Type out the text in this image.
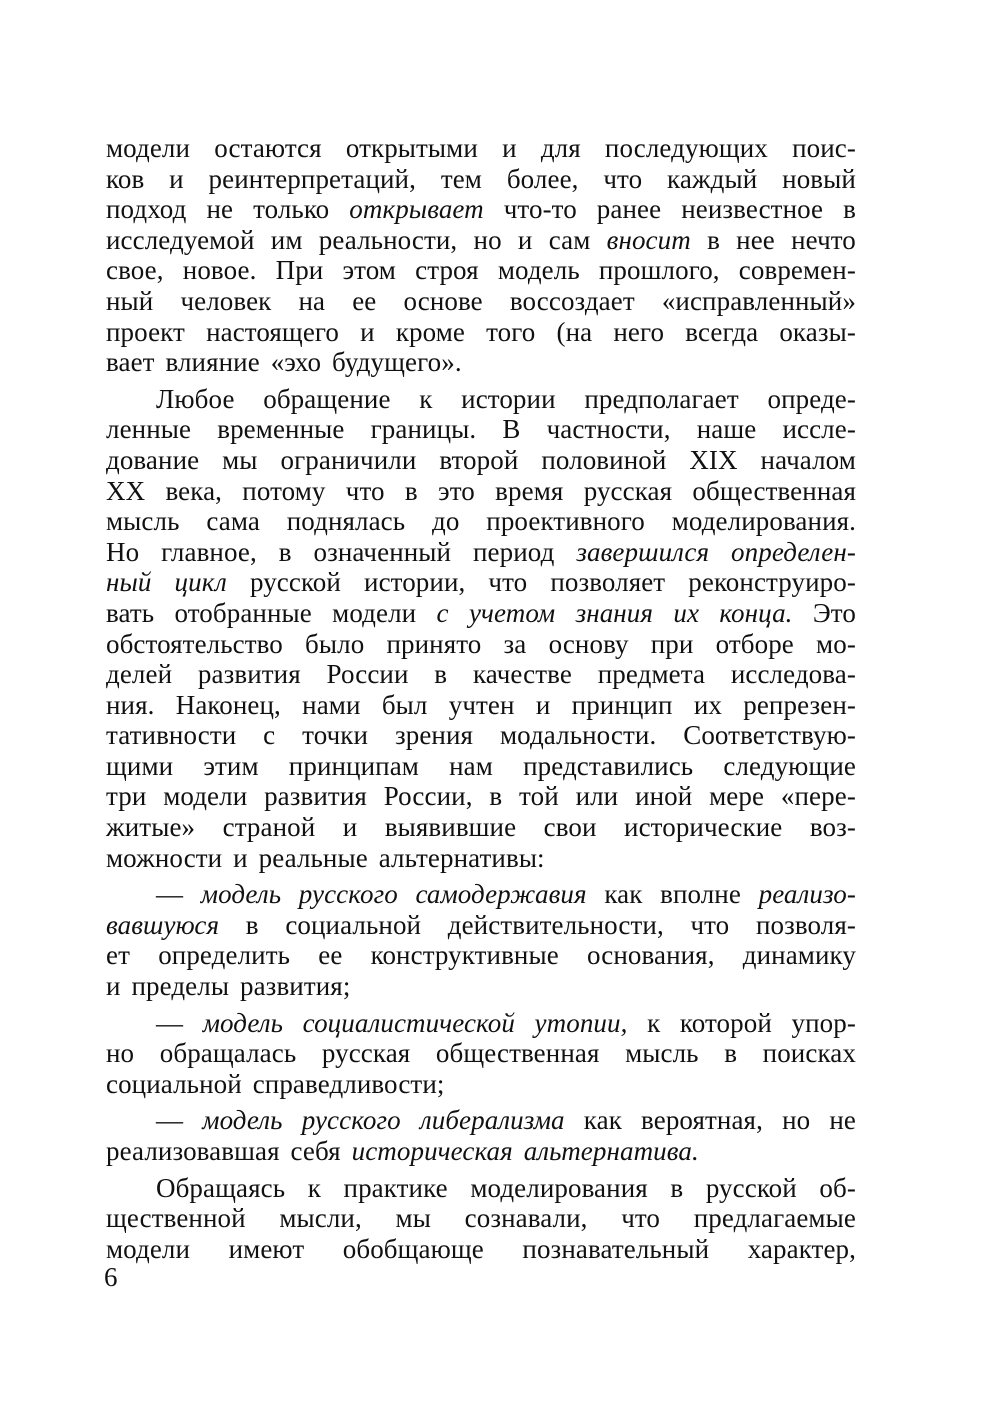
модели остаются открытыми и для последующих поис-
ков и реинтерпретаций, тем более, что каждый новый
подход не только открывает что-то ранее неизвестное в
исследуемой им реальности, но и сам вносит в нее нечто
свое, новое. При этом строя модель прошлого, современ-
ный человек на ее основе воссоздает «исправленный»
проект настоящего и кроме того (на него всегда оказы-
вает
влияние
«эхо
будущего».
Любое обращение к истории предполагает опреде-
ленные временные границы. В частности, наше иссле-
дование мы ограничили второй половиной XIX началом
XX века, потому что в это время русская общественная
мысль сама поднялась до проективного моделирования.
Но главное, в означенный период завершился определен-
ный цикл русской истории, что позволяет реконструиро-
вать отобранные модели с учетом знания их конца. Это
обстоятельство было принято за основу при отборе мо-
делей развития России в качестве предмета исследова-
ния. Наконец, нами был учтен и принцип их репрезен-
тативности с точки зрения модальности. Соответствую-
щими этим принципам нам представились следующие
три модели развития России, в той или иной мере «пере-
житые» страной и выявившие свои исторические воз-
можности
и
реальные
альтернативы:
— модель русского самодержавия как вполне реализо-
вавшуюся в социальной действительности, что позволя-
ет определить ее конструктивные основания, динамику
и
пределы
развития;
— модель социалистической утопии, к которой упор-
но обращалась русская общественная мысль в поисках
социальной
справедливости;
— модель русского либерализма как вероятная, но не
реализовавшая
себя
историческая
альтернатива.
Обращаясь к практике моделирования в русской об-
щественной мысли, мы сознавали, что предлагаемые
модели имеют обобщающе познавательный характер,
6
